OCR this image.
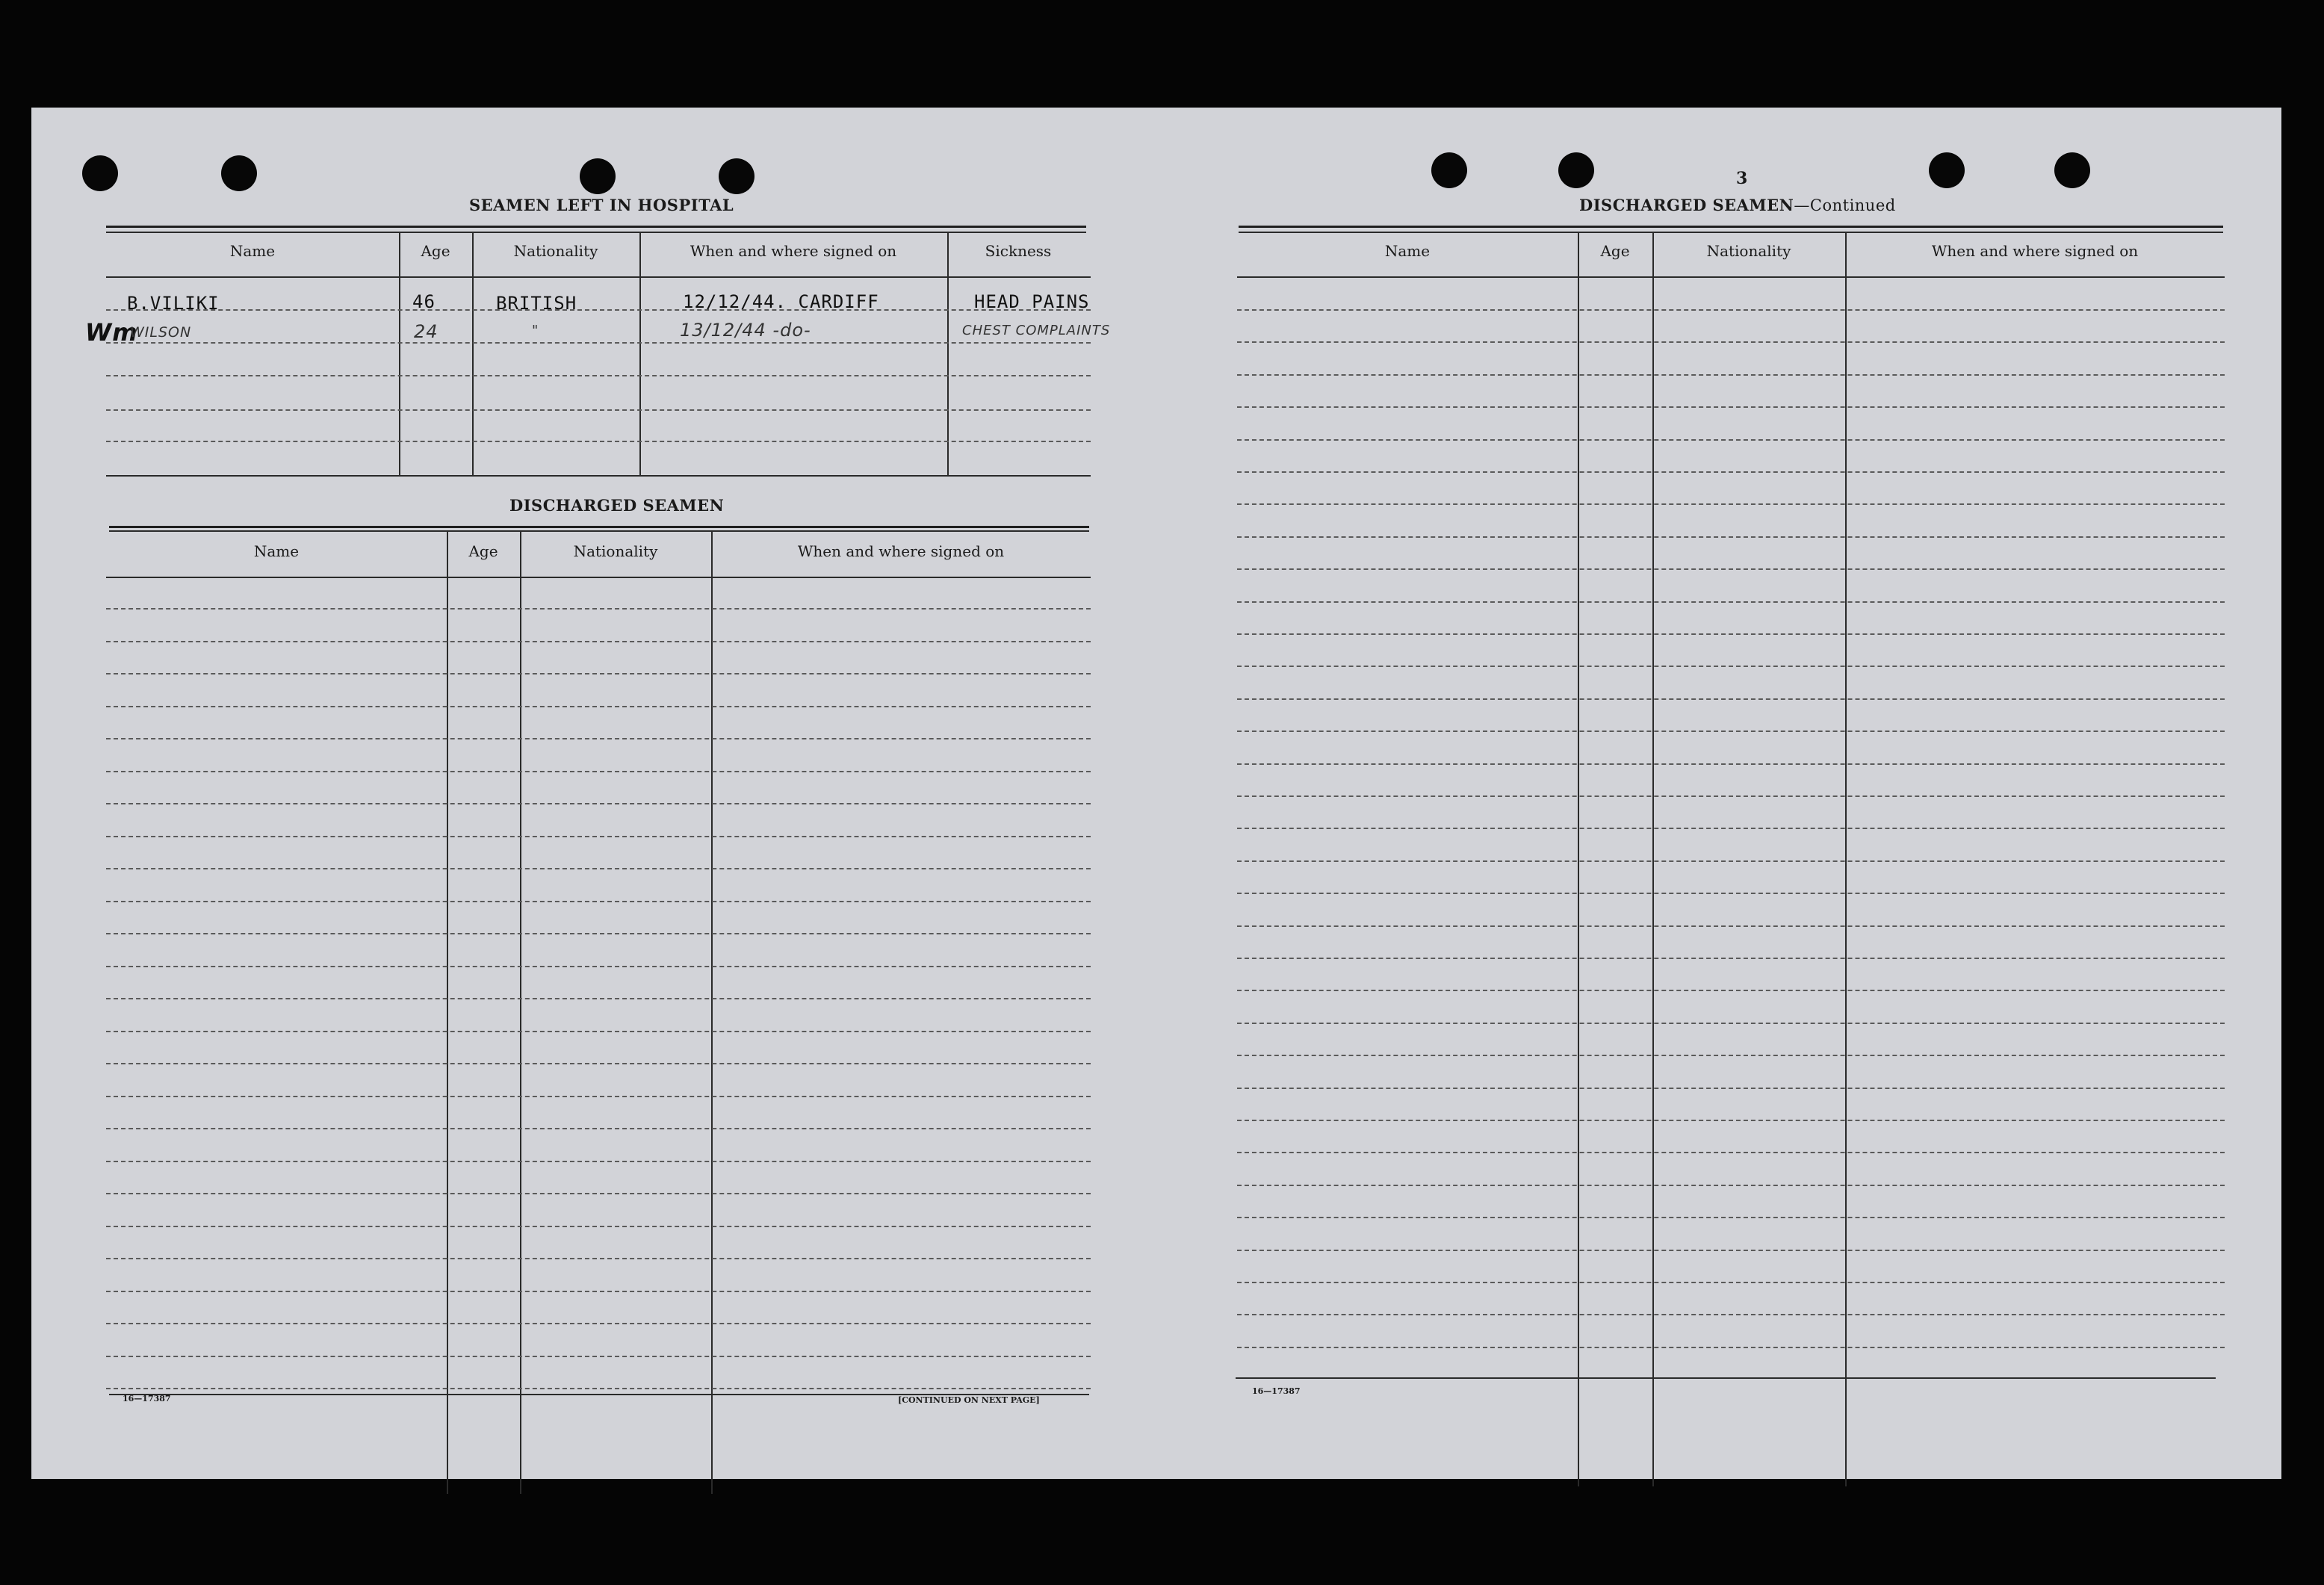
SEAMEN LEFT IN HOSPITAL
Name	Age	Nationality	When and where signed on	Sickness
B.VILIKI	46	BRITISH	12/12/44. CARDIFF	HEAD PAINS
Wm
WILSON	24	"	13/12/44 -do-	CHEST COMPLAINTS
DISCHARGED SEAMEN
Name	Age	Nationality	When and where signed on
16—17387	[CONTINUED ON NEXT PAGE]
3
DISCHARGED SEAMEN—Continued
Name	Age	Nationality	When and where signed on
16—17387
